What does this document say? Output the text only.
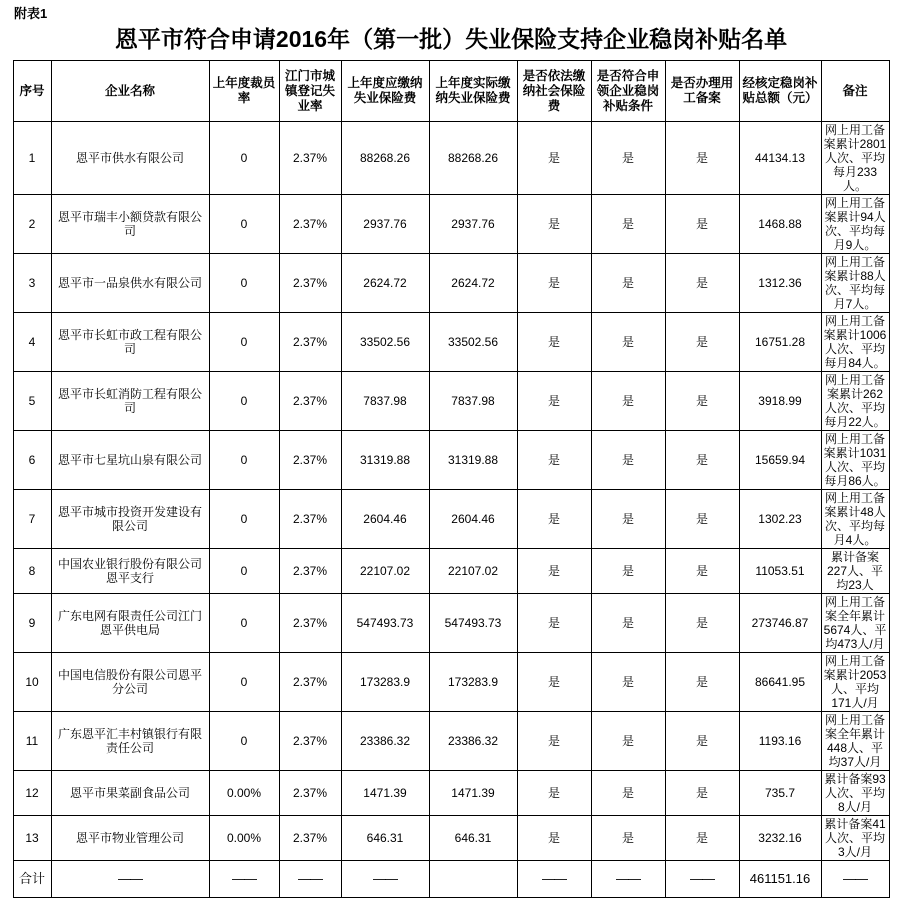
附表1
恩平市符合申请2016年（第一批）失业保险支持企业稳岗补贴名单
序号	企业名称	上年度裁员率	江门市城镇登记失业率	上年度应缴纳失业保险费	上年度实际缴纳失业保险费	是否依法缴纳社会保险费	是否符合申领企业稳岗补贴条件	是否办理用工备案	经核定稳岗补贴总额（元）	备注
1	恩平市供水有限公司	0	2.37%	88268.26	88268.26	是	是	是	44134.13	网上用工备案累计2801人次、平均每月233人。
2	恩平市瑞丰小额贷款有限公司	0	2.37%	2937.76	2937.76	是	是	是	1468.88	网上用工备案累计94人次、平均每月9人。
3	恩平市一品泉供水有限公司	0	2.37%	2624.72	2624.72	是	是	是	1312.36	网上用工备案累计88人次、平均每月7人。
4	恩平市长虹市政工程有限公司	0	2.37%	33502.56	33502.56	是	是	是	16751.28	网上用工备案累计1006人次、平均每月84人。
5	恩平市长虹消防工程有限公司	0	2.37%	7837.98	7837.98	是	是	是	3918.99	网上用工备案累计262人次、平均每月22人。
6	恩平市七星坑山泉有限公司	0	2.37%	31319.88	31319.88	是	是	是	15659.94	网上用工备案累计1031人次、平均每月86人。
7	恩平市城市投资开发建设有限公司	0	2.37%	2604.46	2604.46	是	是	是	1302.23	网上用工备案累计48人次、平均每月4人。
8	中国农业银行股份有限公司恩平支行	0	2.37%	22107.02	22107.02	是	是	是	11053.51	累计备案227人、平均23人
9	广东电网有限责任公司江门恩平供电局	0	2.37%	547493.73	547493.73	是	是	是	273746.87	网上用工备案全年累计5674人、平均473人/月
10	中国电信股份有限公司恩平分公司	0	2.37%	173283.9	173283.9	是	是	是	86641.95	网上用工备案累计2053人、平均171人/月
11	广东恩平汇丰村镇银行有限责任公司	0	2.37%	23386.32	23386.32	是	是	是	1193.16	网上用工备案全年累计448人、平均37人/月
12	恩平市果菜副食品公司	0.00%	2.37%	1471.39	1471.39	是	是	是	735.7	累计备案93人次、平均8人/月
13	恩平市物业管理公司	0.00%	2.37%	646.31	646.31	是	是	是	3232.16	累计备案41人次、平均3人/月
合计	——	——	——	——		——	——	——	461151.16	——
